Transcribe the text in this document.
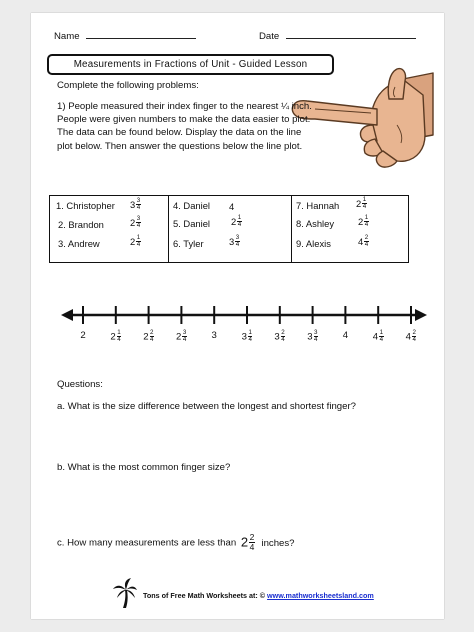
Name	Date
Measurements in Fractions of Unit - Guided Lesson
Complete the following problems:
1) People measured their index finger to the nearest ¼ inch. People were given numbers to make the data easier to plot. The data can be found below. Display the data on the line plot below. Then answer the questions below the line plot.
1. Christopher $3 \frac{3}{4}$
2. Brandon	$2 \frac{3}{4}$
3. Andrew	$2 \frac{1}{4}$
4. Daniel 4
5. Daniel $2 \frac{1}{4}$
6. Tyler	$3 \frac{3}{4}$
7. Hannah $2 \frac{1}{4}$
8. Ashley	$2 \frac{1}{4}$
9. Alexis	$4 \frac{2}{4}$
2	$2 \frac{1}{4}$	$2 \frac{2}{4}$	$2 \frac{3}{4}$	3	$3 \frac{1}{4}$	$3 \frac{2}{4}$	$3 \frac{3}{4}$	4	$4 \frac{1}{4}$	$4 \frac{2}{4}$
Questions:
a. What is the size difference between the longest and shortest finger?
b. What is the most common finger size?
c. How many measurements are less than $2 \frac{2}{4}$ inches?
Tons of Free Math Worksheets at: © www.mathworksheetsland.com
